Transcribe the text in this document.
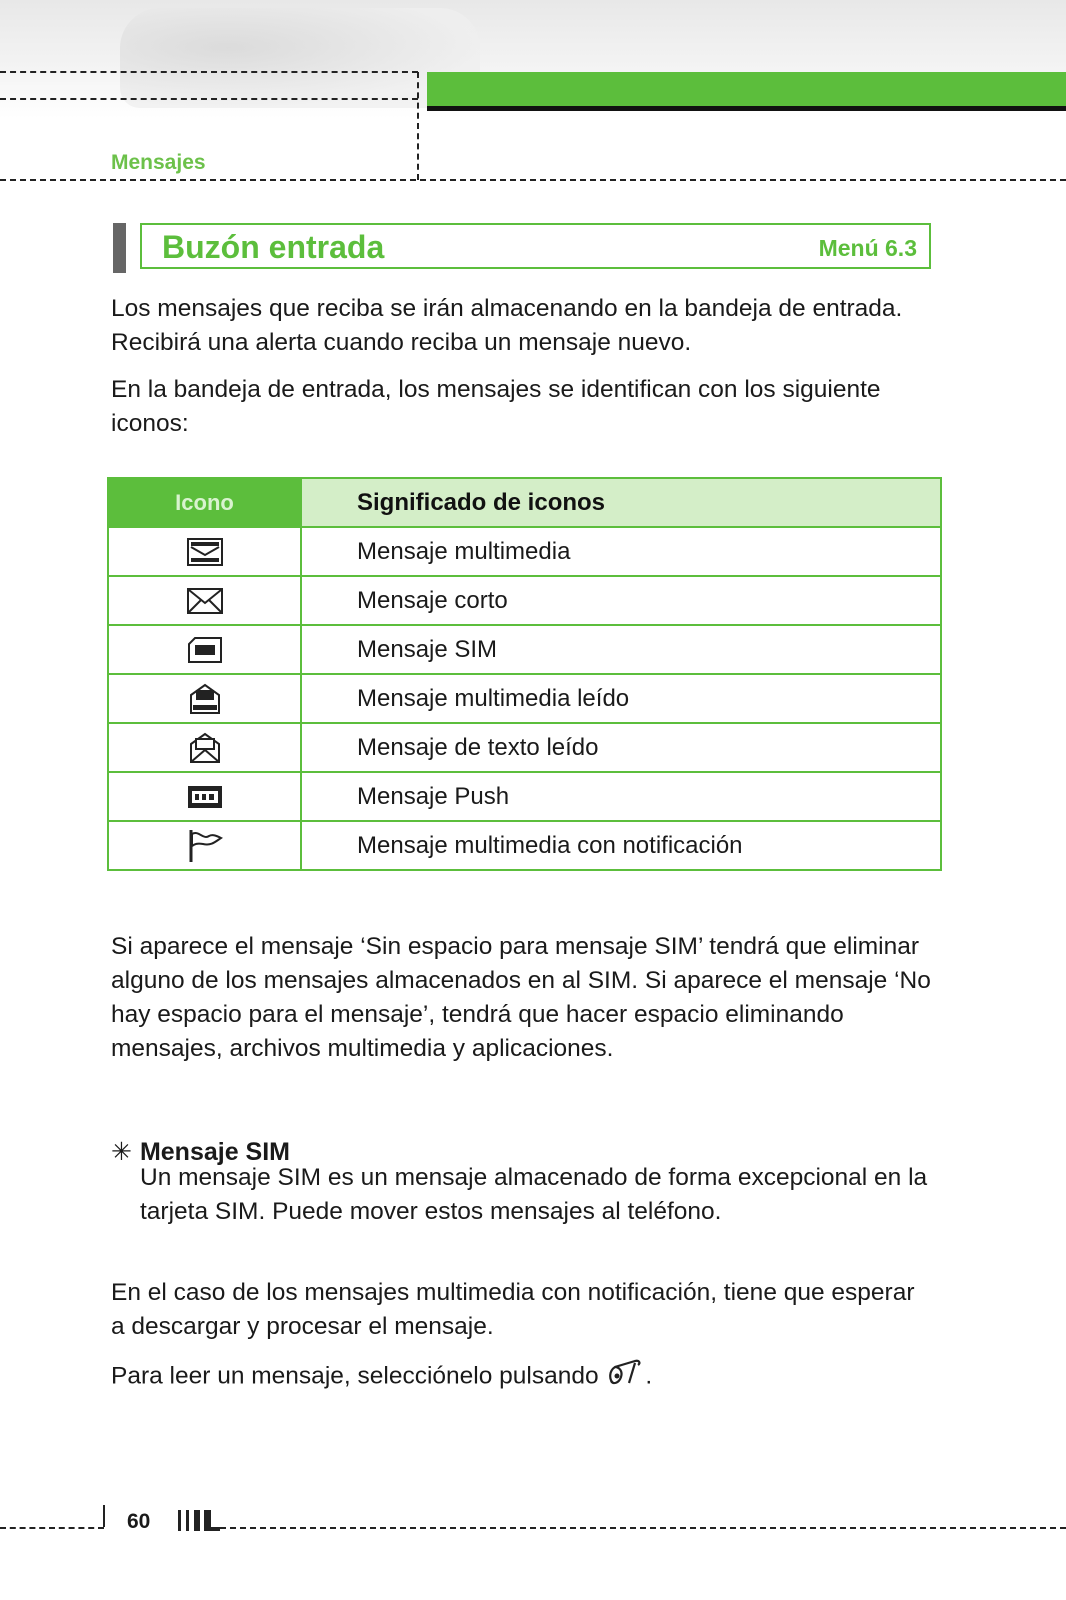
Mensajes
Buzón entrada	Menú 6.3

Los mensajes que reciba se irán almacenando en la bandeja de entrada. Recibirá una alerta cuando reciba un mensaje nuevo.

En la bandeja de entrada, los mensajes se identifican con los siguiente iconos:

Icono	Significado de iconos
	Mensaje multimedia
	Mensaje corto
	Mensaje SIM
	Mensaje multimedia leído
	Mensaje de texto leído
	Mensaje Push
	Mensaje multimedia con notificación

Si aparece el mensaje ‘Sin espacio para mensaje SIM’ tendrá que eliminar alguno de los mensajes almacenados en al SIM. Si aparece el mensaje ‘No hay espacio para el mensaje’, tendrá que hacer espacio eliminando mensajes, archivos multimedia y aplicaciones.

✳ Mensaje SIM

Un mensaje SIM es un mensaje almacenado de forma excepcional en la tarjeta SIM. Puede mover estos mensajes al teléfono.

En el caso de los mensajes multimedia con notificación, tiene que esperar a descargar y procesar el mensaje.

Para leer un mensaje, selecciónelo pulsando .

60
